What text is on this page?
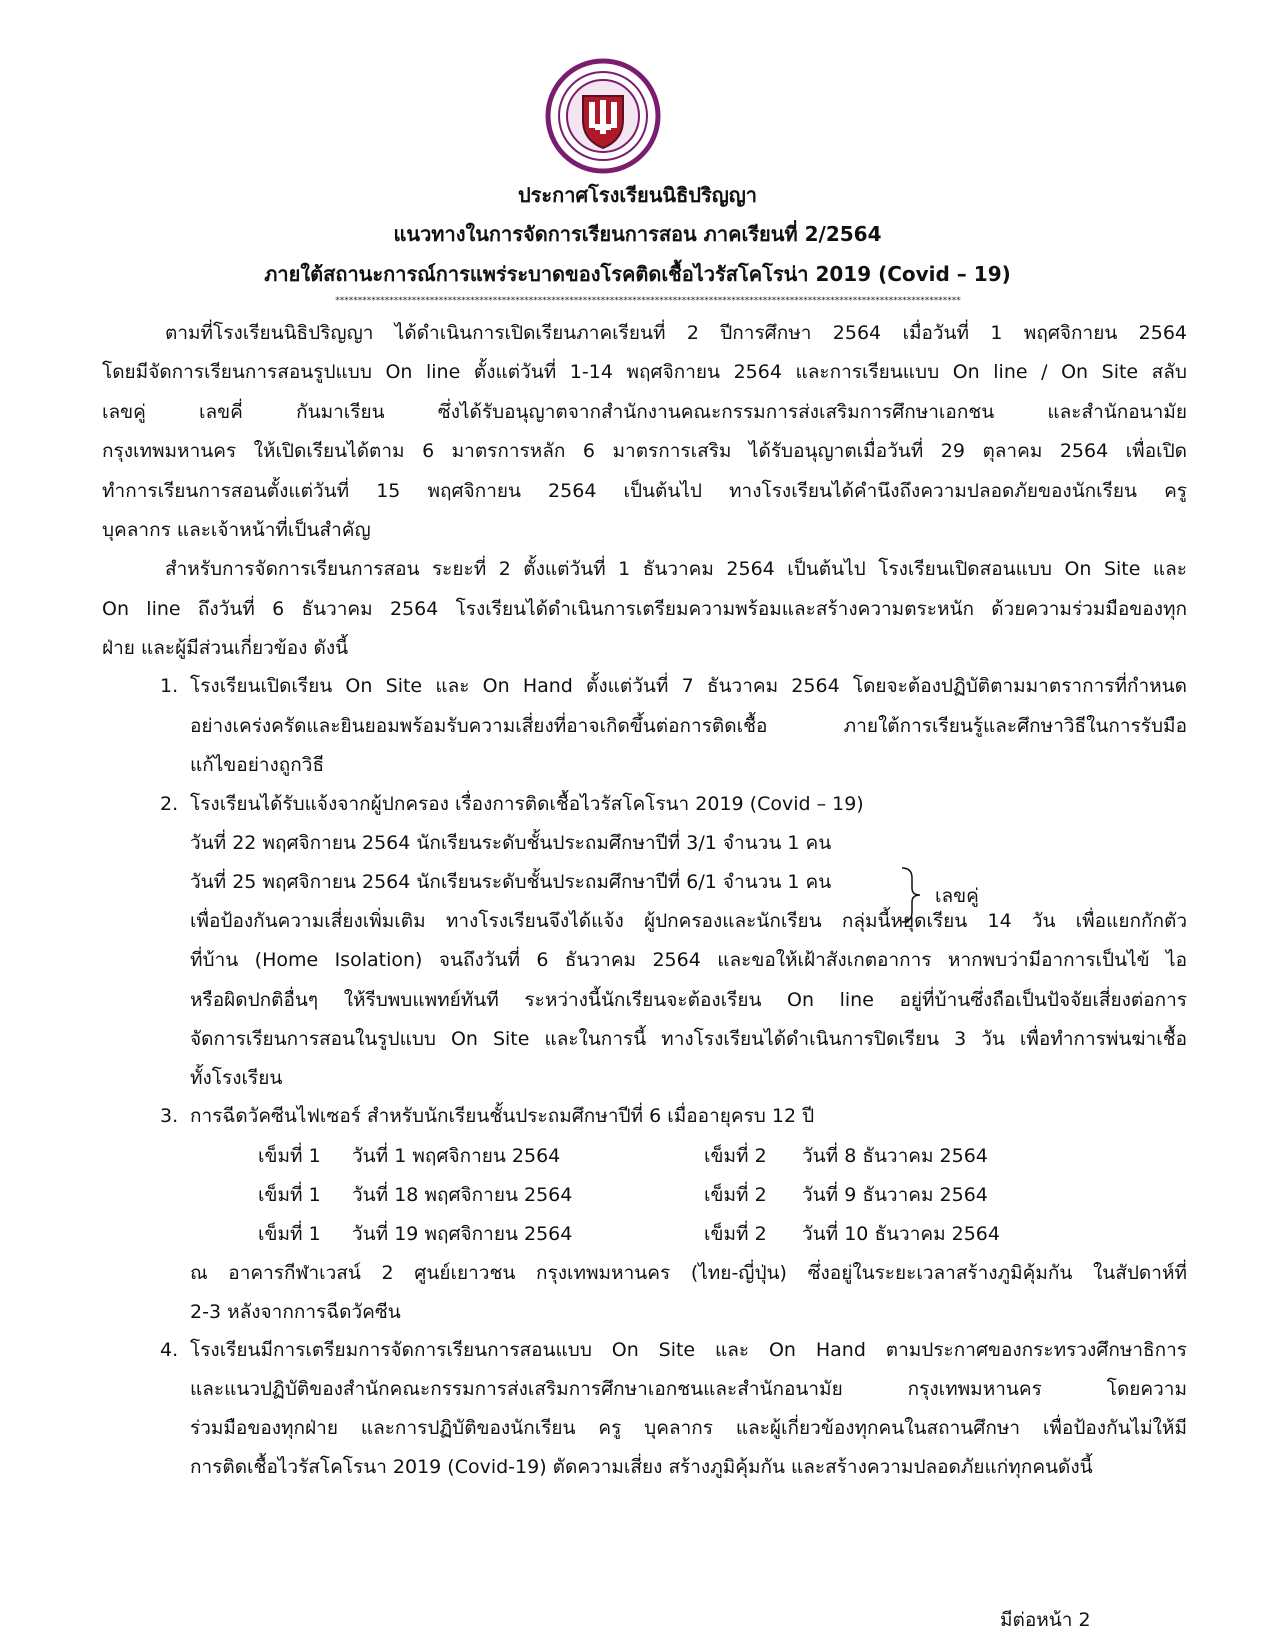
ประกาศโรงเรียนนิธิปริญญา
แนวทางในการจัดการเรียนการสอน ภาคเรียนที่ 2/2564
ภายใต้สถานะการณ์การแพร่ระบาดของโรคติดเชื้อไวรัสโคโรน่า 2019 (Covid – 19)
*******************************************************************************************************************************************
ตามที่โรงเรียนนิธิปริญญา ได้ดำเนินการเปิดเรียนภาคเรียนที่ 2 ปีการศึกษา 2564 เมื่อวันที่ 1 พฤศจิกายน 2564
โดยมีจัดการเรียนการสอนรูปแบบ On line ตั้งแต่วันที่ 1-14 พฤศจิกายน 2564 และการเรียนแบบ On line / On Site สลับ
เลขคู่ เลขคี่ กันมาเรียน ซึ่งได้รับอนุญาตจากสำนักงานคณะกรรมการส่งเสริมการศึกษาเอกชน และสำนักอนามัย
กรุงเทพมหานคร ให้เปิดเรียนได้ตาม 6 มาตรการหลัก 6 มาตรการเสริม ได้รับอนุญาตเมื่อวันที่ 29 ตุลาคม 2564 เพื่อเปิด
ทำการเรียนการสอนตั้งแต่วันที่ 15 พฤศจิกายน 2564 เป็นต้นไป ทางโรงเรียนได้คำนึงถึงความปลอดภัยของนักเรียน ครู
บุคลากร และเจ้าหน้าที่เป็นสำคัญ
สำหรับการจัดการเรียนการสอน ระยะที่ 2 ตั้งแต่วันที่ 1 ธันวาคม 2564 เป็นต้นไป โรงเรียนเปิดสอนแบบ On Site และ
On line ถึงวันที่ 6 ธันวาคม 2564 โรงเรียนได้ดำเนินการเตรียมความพร้อมและสร้างความตระหนัก ด้วยความร่วมมือของทุก
ฝ่าย และผู้มีส่วนเกี่ยวข้อง ดังนี้
1. โรงเรียนเปิดเรียน On Site และ On Hand ตั้งแต่วันที่ 7 ธันวาคม 2564 โดยจะต้องปฏิบัติตามมาตราการที่กำหนด
อย่างเคร่งครัดและยินยอมพร้อมรับความเสี่ยงที่อาจเกิดขึ้นต่อการติดเชื้อ ภายใต้การเรียนรู้และศึกษาวิธีในการรับมือ
แก้ไขอย่างถูกวิธี
2. โรงเรียนได้รับแจ้งจากผู้ปกครอง เรื่องการติดเชื้อไวรัสโคโรนา 2019 (Covid – 19)
วันที่ 22 พฤศจิกายน 2564 นักเรียนระดับชั้นประถมศึกษาปีที่ 3/1 จำนวน 1 คน
วันที่ 25 พฤศจิกายน 2564 นักเรียนระดับชั้นประถมศึกษาปีที่ 6/1 จำนวน 1 คน
เลขคู่
เพื่อป้องกันความเสี่ยงเพิ่มเติม ทางโรงเรียนจึงได้แจ้ง ผู้ปกครองและนักเรียน กลุ่มนี้หยุดเรียน 14 วัน เพื่อแยกกักตัว
ที่บ้าน (Home Isolation) จนถึงวันที่ 6 ธันวาคม 2564 และขอให้เฝ้าสังเกตอาการ หากพบว่ามีอาการเป็นไข้ ไอ
หรือผิดปกติอื่นๆ ให้รีบพบแพทย์ทันที ระหว่างนี้นักเรียนจะต้องเรียน On line อยู่ที่บ้านซึ่งถือเป็นปัจจัยเสี่ยงต่อการ
จัดการเรียนการสอนในรูปแบบ On Site และในการนี้ ทางโรงเรียนได้ดำเนินการปิดเรียน 3 วัน เพื่อทำการพ่นฆ่าเชื้อ
ทั้งโรงเรียน
3. การฉีดวัคซีนไฟเซอร์ สำหรับนักเรียนชั้นประถมศึกษาปีที่ 6 เมื่ออายุครบ 12 ปี
เข็มที่ 1 วันที่ 1 พฤศจิกายน 2564	เข็มที่ 2 วันที่ 8 ธันวาคม 2564
เข็มที่ 1 วันที่ 18 พฤศจิกายน 2564	เข็มที่ 2 วันที่ 9 ธันวาคม 2564
เข็มที่ 1 วันที่ 19 พฤศจิกายน 2564	เข็มที่ 2 วันที่ 10 ธันวาคม 2564
ณ อาคารกีฬาเวสน์ 2 ศูนย์เยาวชน กรุงเทพมหานคร (ไทย-ญี่ปุ่น) ซึ่งอยู่ในระยะเวลาสร้างภูมิคุ้มกัน ในสัปดาห์ที่
2-3 หลังจากการฉีดวัคซีน
4. โรงเรียนมีการเตรียมการจัดการเรียนการสอนแบบ On Site และ On Hand ตามประกาศของกระทรวงศึกษาธิการ
และแนวปฏิบัติของสำนักคณะกรรมการส่งเสริมการศึกษาเอกชนและสำนักอนามัย กรุงเทพมหานคร โดยความ
ร่วมมือของทุกฝ่าย และการปฏิบัติของนักเรียน ครู บุคลากร และผู้เกี่ยวข้องทุกคนในสถานศึกษา เพื่อป้องกันไม่ให้มี
การติดเชื้อไวรัสโคโรนา 2019 (Covid-19) ตัดความเสี่ยง สร้างภูมิคุ้มกัน และสร้างความปลอดภัยแก่ทุกคนดังนี้
มีต่อหน้า 2
